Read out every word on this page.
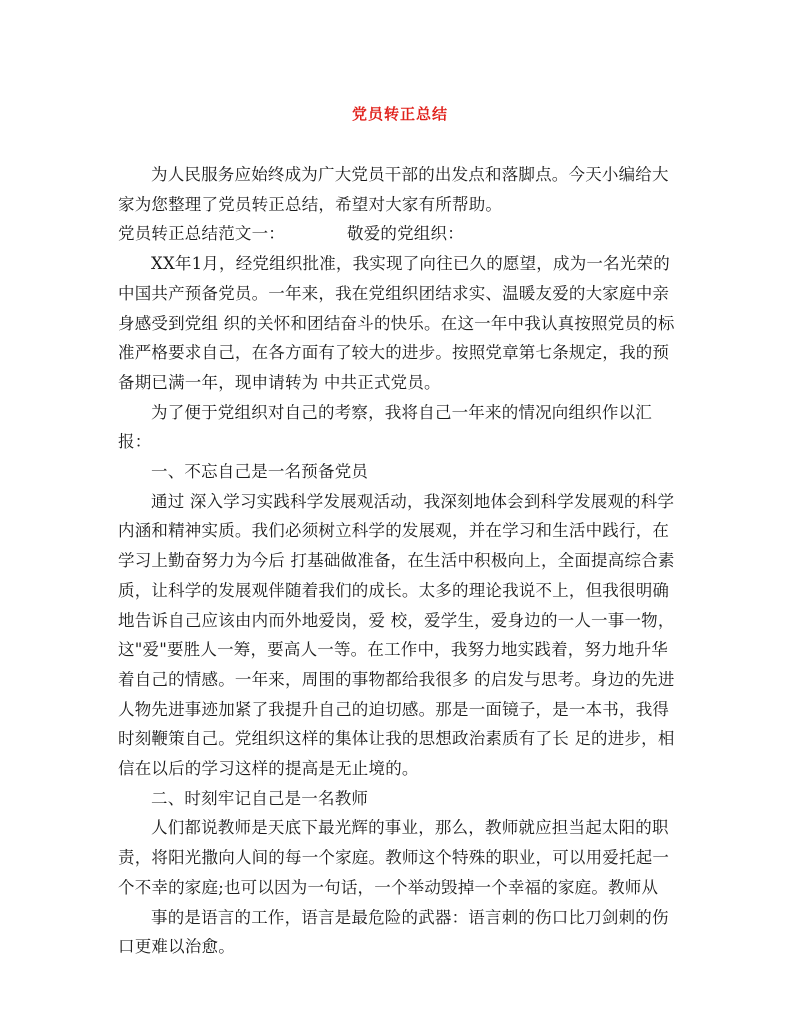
党员转正总结

为人民服务应始终成为广大党员干部的出发点和落脚点。今天小编给大家为您整理了党员转正总结，希望对大家有所帮助。

党员转正总结范文一：	敬爱的党组织：

XX年1月，经党组织批准，我实现了向往已久的愿望，成为一名光荣的中国共产预备党员。一年来，我在党组织团结求实、温暖友爱的大家庭中亲身感受到党组 织的关怀和团结奋斗的快乐。在这一年中我认真按照党员的标准严格要求自己，在各方面有了较大的进步。按照党章第七条规定，我的预备期已满一年，现申请转为 中共正式党员。

为了便于党组织对自己的考察，我将自己一年来的情况向组织作以汇报：

一、不忘自己是一名预备党员

通过 深入学习实践科学发展观活动，我深刻地体会到科学发展观的科学内涵和精神实质。我们必须树立科学的发展观，并在学习和生活中践行，在学习上勤奋努力为今后 打基础做准备，在生活中积极向上，全面提高综合素质，让科学的发展观伴随着我们的成长。太多的理论我说不上，但我很明确地告诉自己应该由内而外地爱岗，爱 校，爱学生，爱身边的一人一事一物，这"爱"要胜人一筹，要高人一等。在工作中，我努力地实践着，努力地升华着自己的情感。一年来，周围的事物都给我很多 的启发与思考。身边的先进人物先进事迹加紧了我提升自己的迫切感。那是一面镜子，是一本书，我得时刻鞭策自己。党组织这样的集体让我的思想政治素质有了长 足的进步，相信在以后的学习这样的提高是无止境的。

二、时刻牢记自己是一名教师

人们都说教师是天底下最光辉的事业，那么，教师就应担当起太阳的职责，将阳光撒向人间的每一个家庭。教师这个特殊的职业，可以用爱托起一个不幸的家庭;也可以因为一句话，一个举动毁掉一个幸福的家庭。教师从

事的是语言的工作，语言是最危险的武器：语言刺的伤口比刀剑刺的伤口更难以治愈。
